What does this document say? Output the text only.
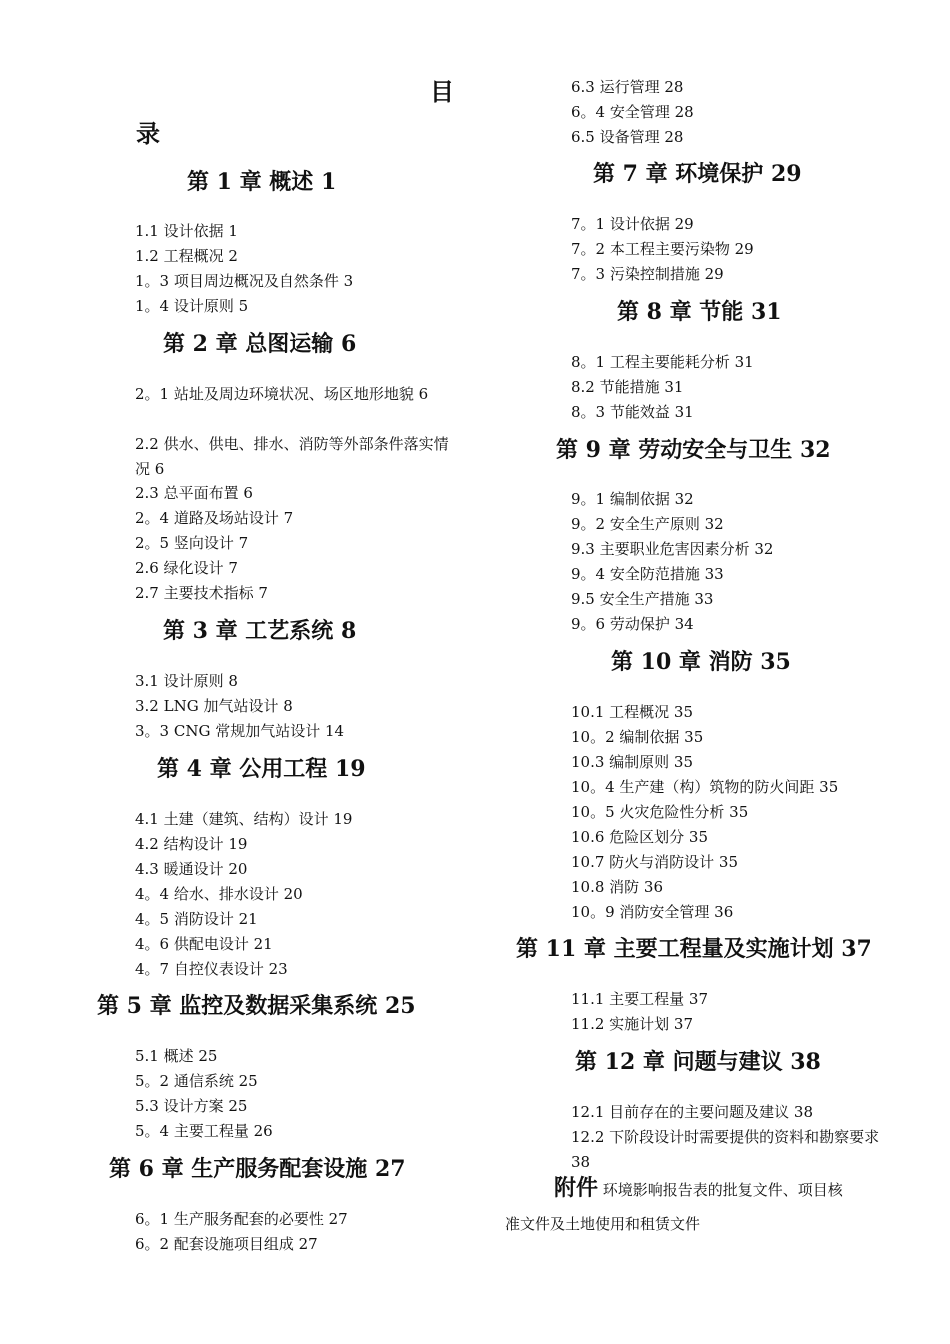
目
录
第 1 章 概述 1
1.1 设计依据 1
1.2 工程概况 2
1。3 项目周边概况及自然条件 3
1。4 设计原则 5
第 2 章 总图运输 6
2。1 站址及周边环境状况、场区地形地貌 6
2.2 供水、供电、排水、消防等外部条件落实情况 6
2.3 总平面布置 6
2。4 道路及场站设计 7
2。5 竖向设计 7
2.6 绿化设计 7
2.7 主要技术指标 7
第 3 章 工艺系统 8
3.1 设计原则 8
3.2 LNG 加气站设计 8
3。3 CNG 常规加气站设计 14
第 4 章 公用工程 19
4.1 土建（建筑、结构）设计 19
4.2 结构设计 19
4.3 暖通设计 20
4。4 给水、排水设计 20
4。5 消防设计 21
4。6 供配电设计 21
4。7 自控仪表设计 23
第 5 章 监控及数据采集系统 25
5.1 概述 25
5。2 通信系统 25
5.3 设计方案 25
5。4 主要工程量 26
第 6 章 生产服务配套设施 27
6。1 生产服务配套的必要性 27
6。2 配套设施项目组成 27
6.3 运行管理 28
6。4 安全管理 28
6.5 设备管理 28
第 7 章 环境保护 29
7。1 设计依据 29
7。2 本工程主要污染物 29
7。3 污染控制措施 29
第 8 章 节能 31
8。1 工程主要能耗分析 31
8.2 节能措施 31
8。3 节能效益 31
第 9 章 劳动安全与卫生 32
9。1 编制依据 32
9。2 安全生产原则 32
9.3 主要职业危害因素分析 32
9。4 安全防范措施 33
9.5 安全生产措施 33
9。6 劳动保护 34
第 10 章 消防 35
10.1 工程概况 35
10。2 编制依据 35
10.3 编制原则 35
10。4 生产建（构）筑物的防火间距 35
10。5 火灾危险性分析 35
10.6 危险区划分 35
10.7 防火与消防设计 35
10.8 消防 36
10。9 消防安全管理 36
第 11 章 主要工程量及实施计划 37
11.1 主要工程量 37
11.2 实施计划 37
第 12 章 问题与建议 38
12.1 目前存在的主要问题及建议 38
12.2 下阶段设计时需要提供的资料和勘察要求 38
附件 环境影响报告表的批复文件、项目核
准文件及土地使用和租赁文件
